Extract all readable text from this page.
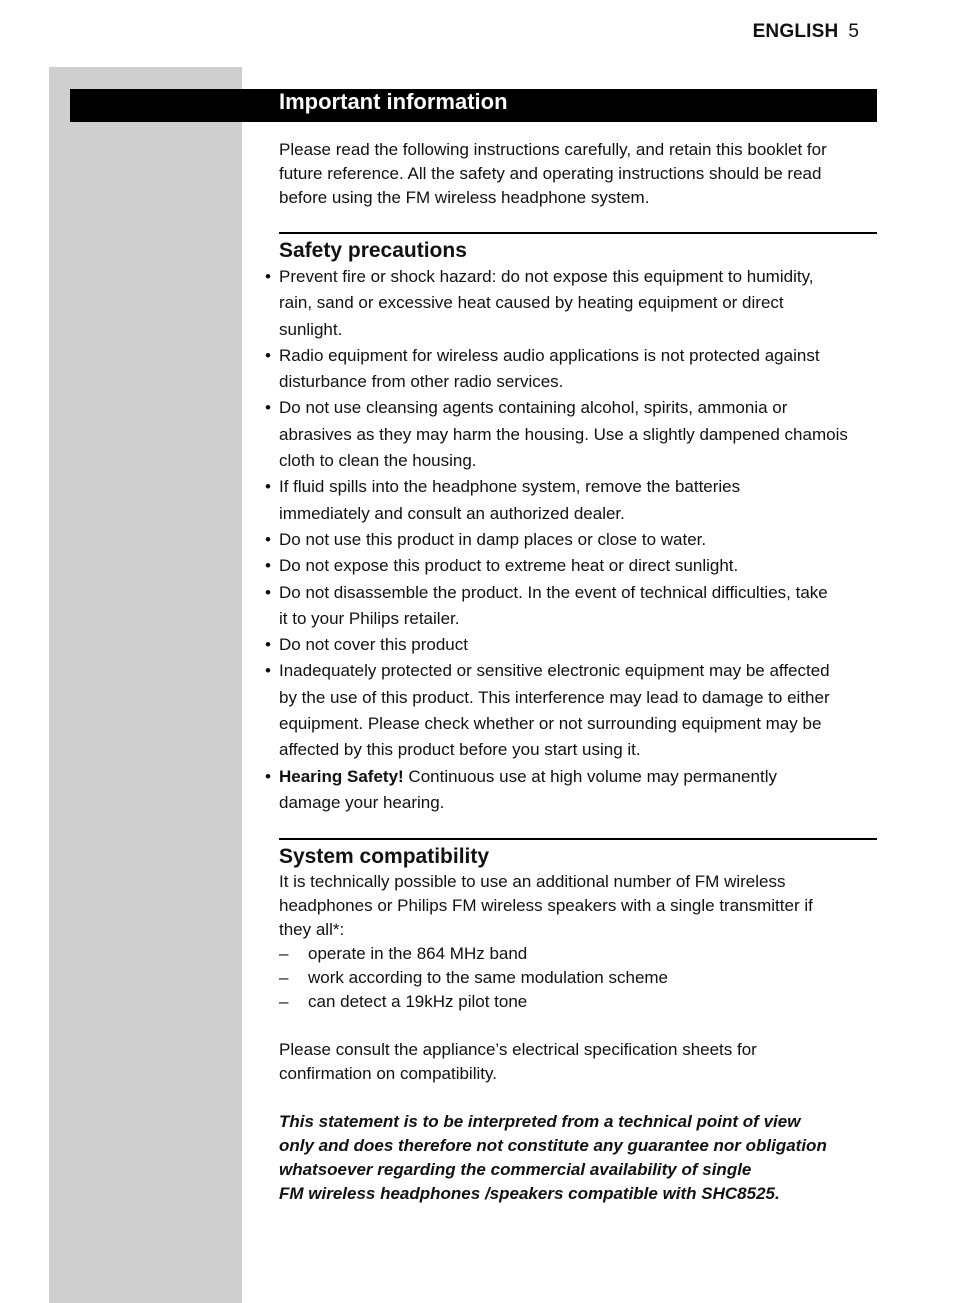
ENGLISH 5
Important information

Please read the following instructions carefully, and retain this booklet for
future reference. All the safety and operating instructions should be read
before using the FM wireless headphone system.

Safety precautions
• Prevent fire or shock hazard: do not expose this equipment to humidity,
rain, sand or excessive heat caused by heating equipment or direct
sunlight.
• Radio equipment for wireless audio applications is not protected against
disturbance from other radio services.
• Do not use cleansing agents containing alcohol, spirits, ammonia or
abrasives as they may harm the housing. Use a slightly dampened chamois
cloth to clean the housing.
• If fluid spills into the headphone system, remove the batteries
immediately and consult an authorized dealer.
• Do not use this product in damp places or close to water.
• Do not expose this product to extreme heat or direct sunlight.
• Do not disassemble the product. In the event of technical difficulties, take
it to your Philips retailer.
• Do not cover this product
• Inadequately protected or sensitive electronic equipment may be affected
by the use of this product. This interference may lead to damage to either
equipment. Please check whether or not surrounding equipment may be
affected by this product before you start using it.
• Hearing Safety! Continuous use at high volume may permanently
damage your hearing.
System compatibility

It is technically possible to use an additional number of FM wireless
headphones or Philips FM wireless speakers with a single transmitter if
they all*:

– operate in the 864 MHz band
– work according to the same modulation scheme
– can detect a 19kHz pilot tone

Please consult the appliance’s electrical specification sheets for
confirmation on compatibility.

This statement is to be interpreted from a technical point of view
only and does therefore not constitute any guarantee nor obligation
whatsoever regarding the commercial availability of single
FM wireless headphones /speakers compatible with SHC8525.
